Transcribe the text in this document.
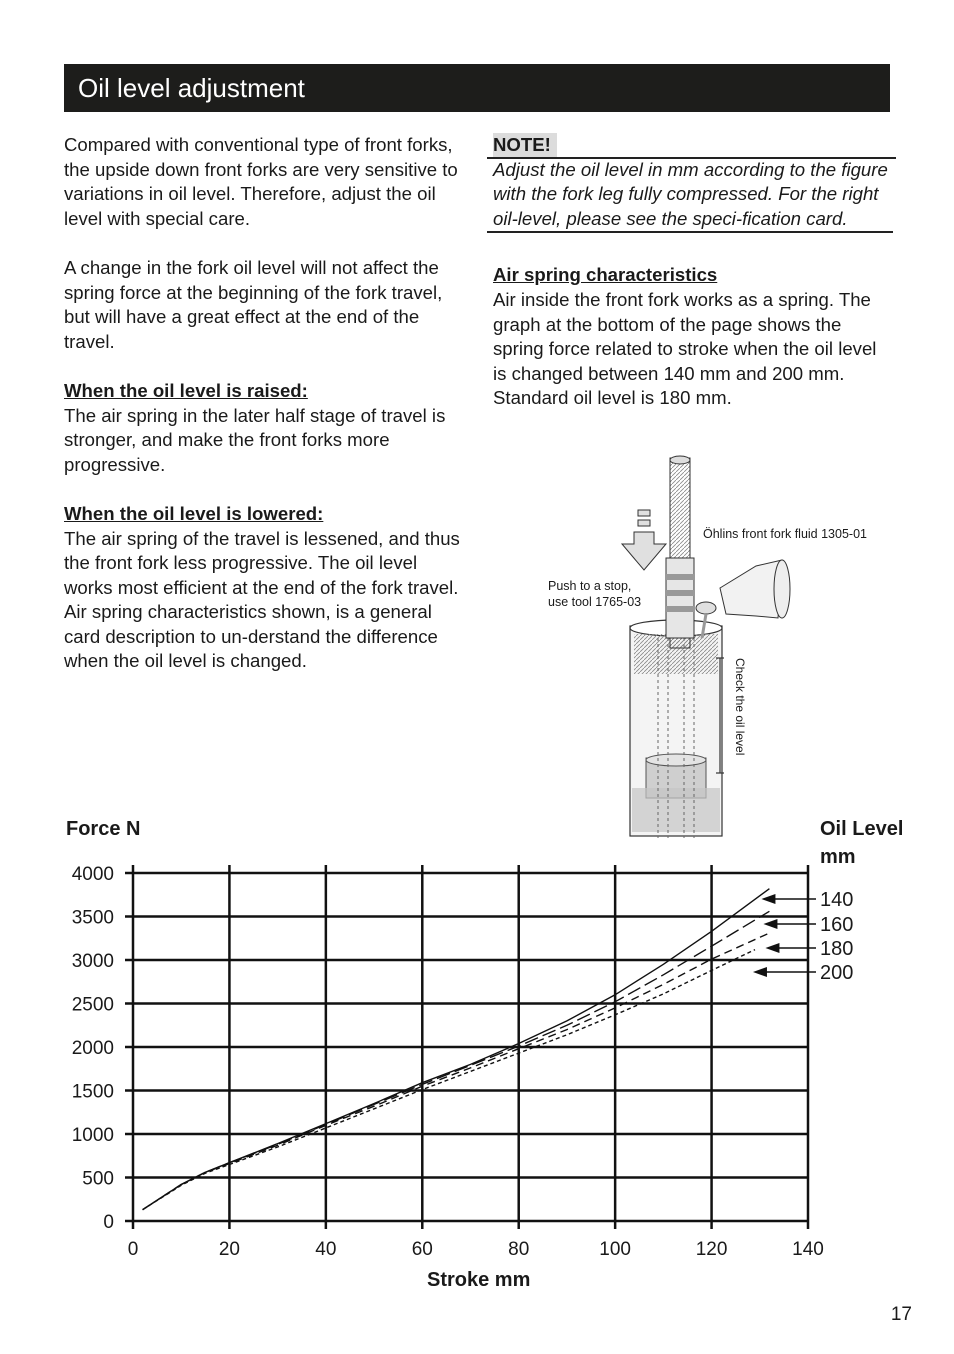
Oil level adjustment

Compared with conventional type of front forks, the upside down front forks are very sensitive to variations in oil level. Therefore, adjust the oil level with special care.

A change in the fork oil level will not affect the spring force at the beginning of the fork travel, but will have a great effect at the end of the travel.

When the oil level is raised:

The air spring in the later half stage of travel is stronger, and make the front forks more progressive.

When the oil level is lowered:

The air spring of the travel is lessened, and thus the front fork less progressive. The oil level works most efficient at the end of the fork travel. Air spring characteristics shown, is a general card description to un-derstand the difference when the oil level is changed.

NOTE!
Adjust the oil level in mm according to the figure with the fork leg fully compressed. For the right oil-level, please see the speci-fication card.
Air spring characteristics
Air inside the front fork works as a spring. The graph at the bottom of the page shows the spring force related to stroke when the oil level is changed between 140 mm and 200 mm. Standard oil level is 180 mm.
Öhlins front fork fluid 1305-01
Push to a stop,
use tool 1765-03
Check the oil level
Force N	Oil Level
mm
Stroke mm
0	20	40	60	80	100	120	140
0
500
1000
1500
2000
2500
3000
3500
4000
140
160
180
200
17
